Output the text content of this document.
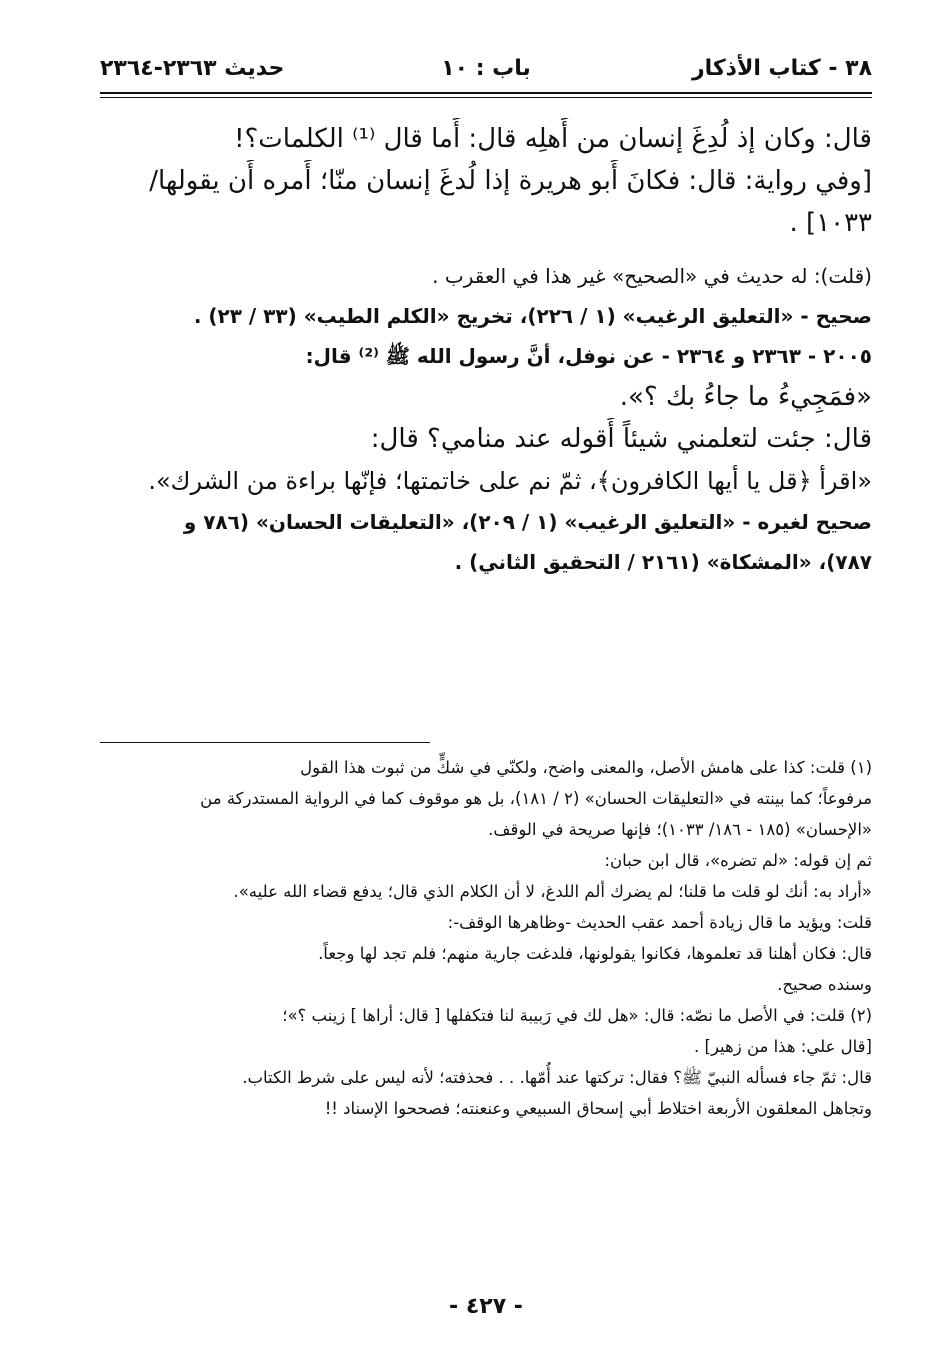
٣٨ - كتاب الأذكار
باب : ١٠
حديث ٢٣٦٣-٢٣٦٤
قال: وكان إذ لُدِغَ إنسان من أَهلِه قال: أَما قال ⁽¹⁾ الكلمات؟!
[وفي رواية: قال: فكانَ أَبو هريرة إذا لُدغَ إنسان منّا؛ أَمره أَن يقولها/
١٠٣٣] .
(قلت): له حديث في «الصحيح» غير هذا في العقرب .
صحيح - «التعليق الرغيب» (١ / ٢٢٦)، تخريج «الكلم الطيب» (٣٣ / ٢٣) .
٢٠٠٥ - ٢٣٦٣ و ٢٣٦٤ - عن نوفل، أنَّ رسول الله ﷺ ⁽²⁾ قال:
«فمَجِيءُ ما جاءُ بك ؟».
قال: جئت لتعلمني شيئاً أَقوله عند منامي؟ قال:
«اقرأ ﴿قل يا أيها الكافرون﴾، ثمّ نم على خاتمتها؛ فإنّها براءة من الشرك».
صحيح لغيره - «التعليق الرغيب» (١ / ٢٠٩)، «التعليقات الحسان» (٧٨٦ و
٧٨٧)، «المشكاة» (٢١٦١ / التحقيق الثاني) .
(١) قلت: كذا على هامش الأصل، والمعنى واضح، ولكنّي في شكٍّ من ثبوت هذا القول
مرفوعاً؛ كما بينته في «التعليقات الحسان» (٢ / ١٨١)، بل هو موقوف كما في الرواية المستدركة من
«الإحسان» (١٨٥ - ١٨٦/ ١٠٣٣)؛ فإنها صريحة في الوقف.
ثم إن قوله: «لم تضره»، قال ابن حبان:
«أراد به: أنك لو قلت ما قلنا؛ لم يضرك ألم اللدغ، لا أن الكلام الذي قال؛ يدفع قضاء الله عليه».
قلت: ويؤيد ما قال زيادة أحمد عقب الحديث -وظاهرها الوقف-:
قال: فكان أهلنا قد تعلموها، فكانوا يقولونها، فلدغت جارية منهم؛ فلم تجد لها وجعاً.
وسنده صحيح.
(٢) قلت: في الأصل ما نصّه: قال: «هل لك في رَبيبة لنا فتكفلها [ قال: أراها ] زينب ؟»؛
[قال علي: هذا من زهير] .
قال: ثمّ جاء فسأله النبيّ ﷺ؟ فقال: تركتها عند أُمّها. . . فحذفته؛ لأنه ليس على شرط الكتاب.
وتجاهل المعلقون الأربعة اختلاط أبي إسحاق السبيعي وعنعنته؛ فصححوا الإسناد !!
- ٤٢٧ -
